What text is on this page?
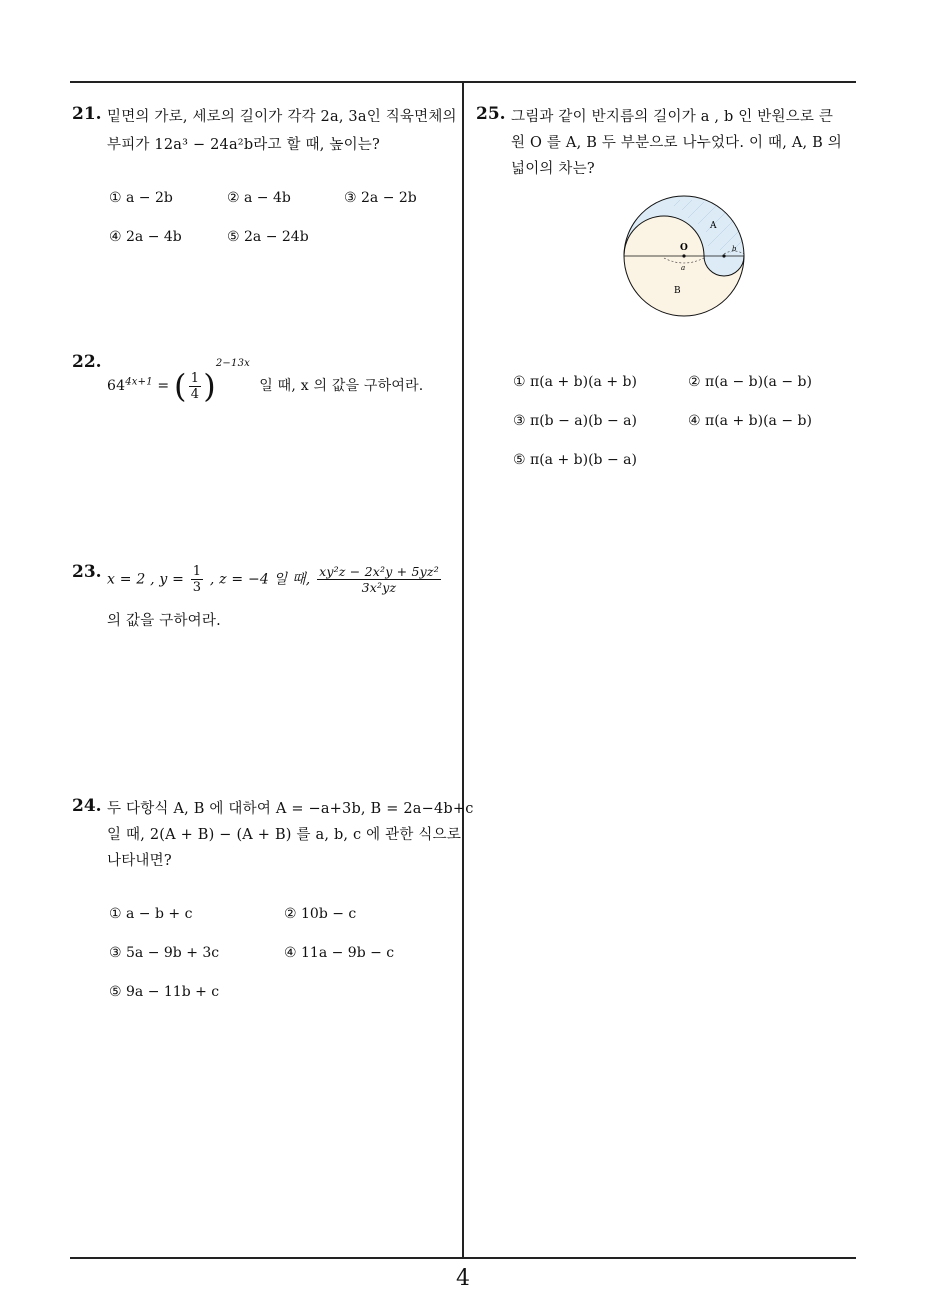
21. 밑면의 가로, 세로의 길이가 각각 2a, 3a인 직육면체의
부피가 12a³ − 24a²b라고 할 때, 높이는?
① a − 2b	② a − 4b	③ 2a − 2b
④ 2a − 4b	⑤ 2a − 24b
22.
$64^{4x+1}$ = ( $\frac{1}{4} )^{2-13x}$  일 때, x 의 값을 구하여라.
23. x = 2 , $y = \frac{1}{3}$ , z = −4 일 때, $\frac{\text{xy²z − 2x²y + 5yz²}}{\text{3x²yz}}$
의 값을 구하여라.
24. 두 다항식 A, B 에 대하여 A = −a+3b, B = 2a−4b+c
일 때, 2(A + B) − (A + B) 를 a, b, c 에 관한 식으로
나타내면?
① a − b + c	② 10b − c
③ 5a − 9b + 3c	④ 11a − 9b − c
⑤ 9a − 11b + c
25. 그림과 같이 반지름의 길이가 a , b 인 반원으로 큰
원 O 를 A, B 두 부분으로 나누었다. 이 때, A, B 의
넓이의 차는?
O
A
B
a
b
① π(a + b)(a + b)	② π(a − b)(a − b)
③ π(b − a)(b − a)	④ π(a + b)(a − b)
⑤ π(a + b)(b − a)
4
